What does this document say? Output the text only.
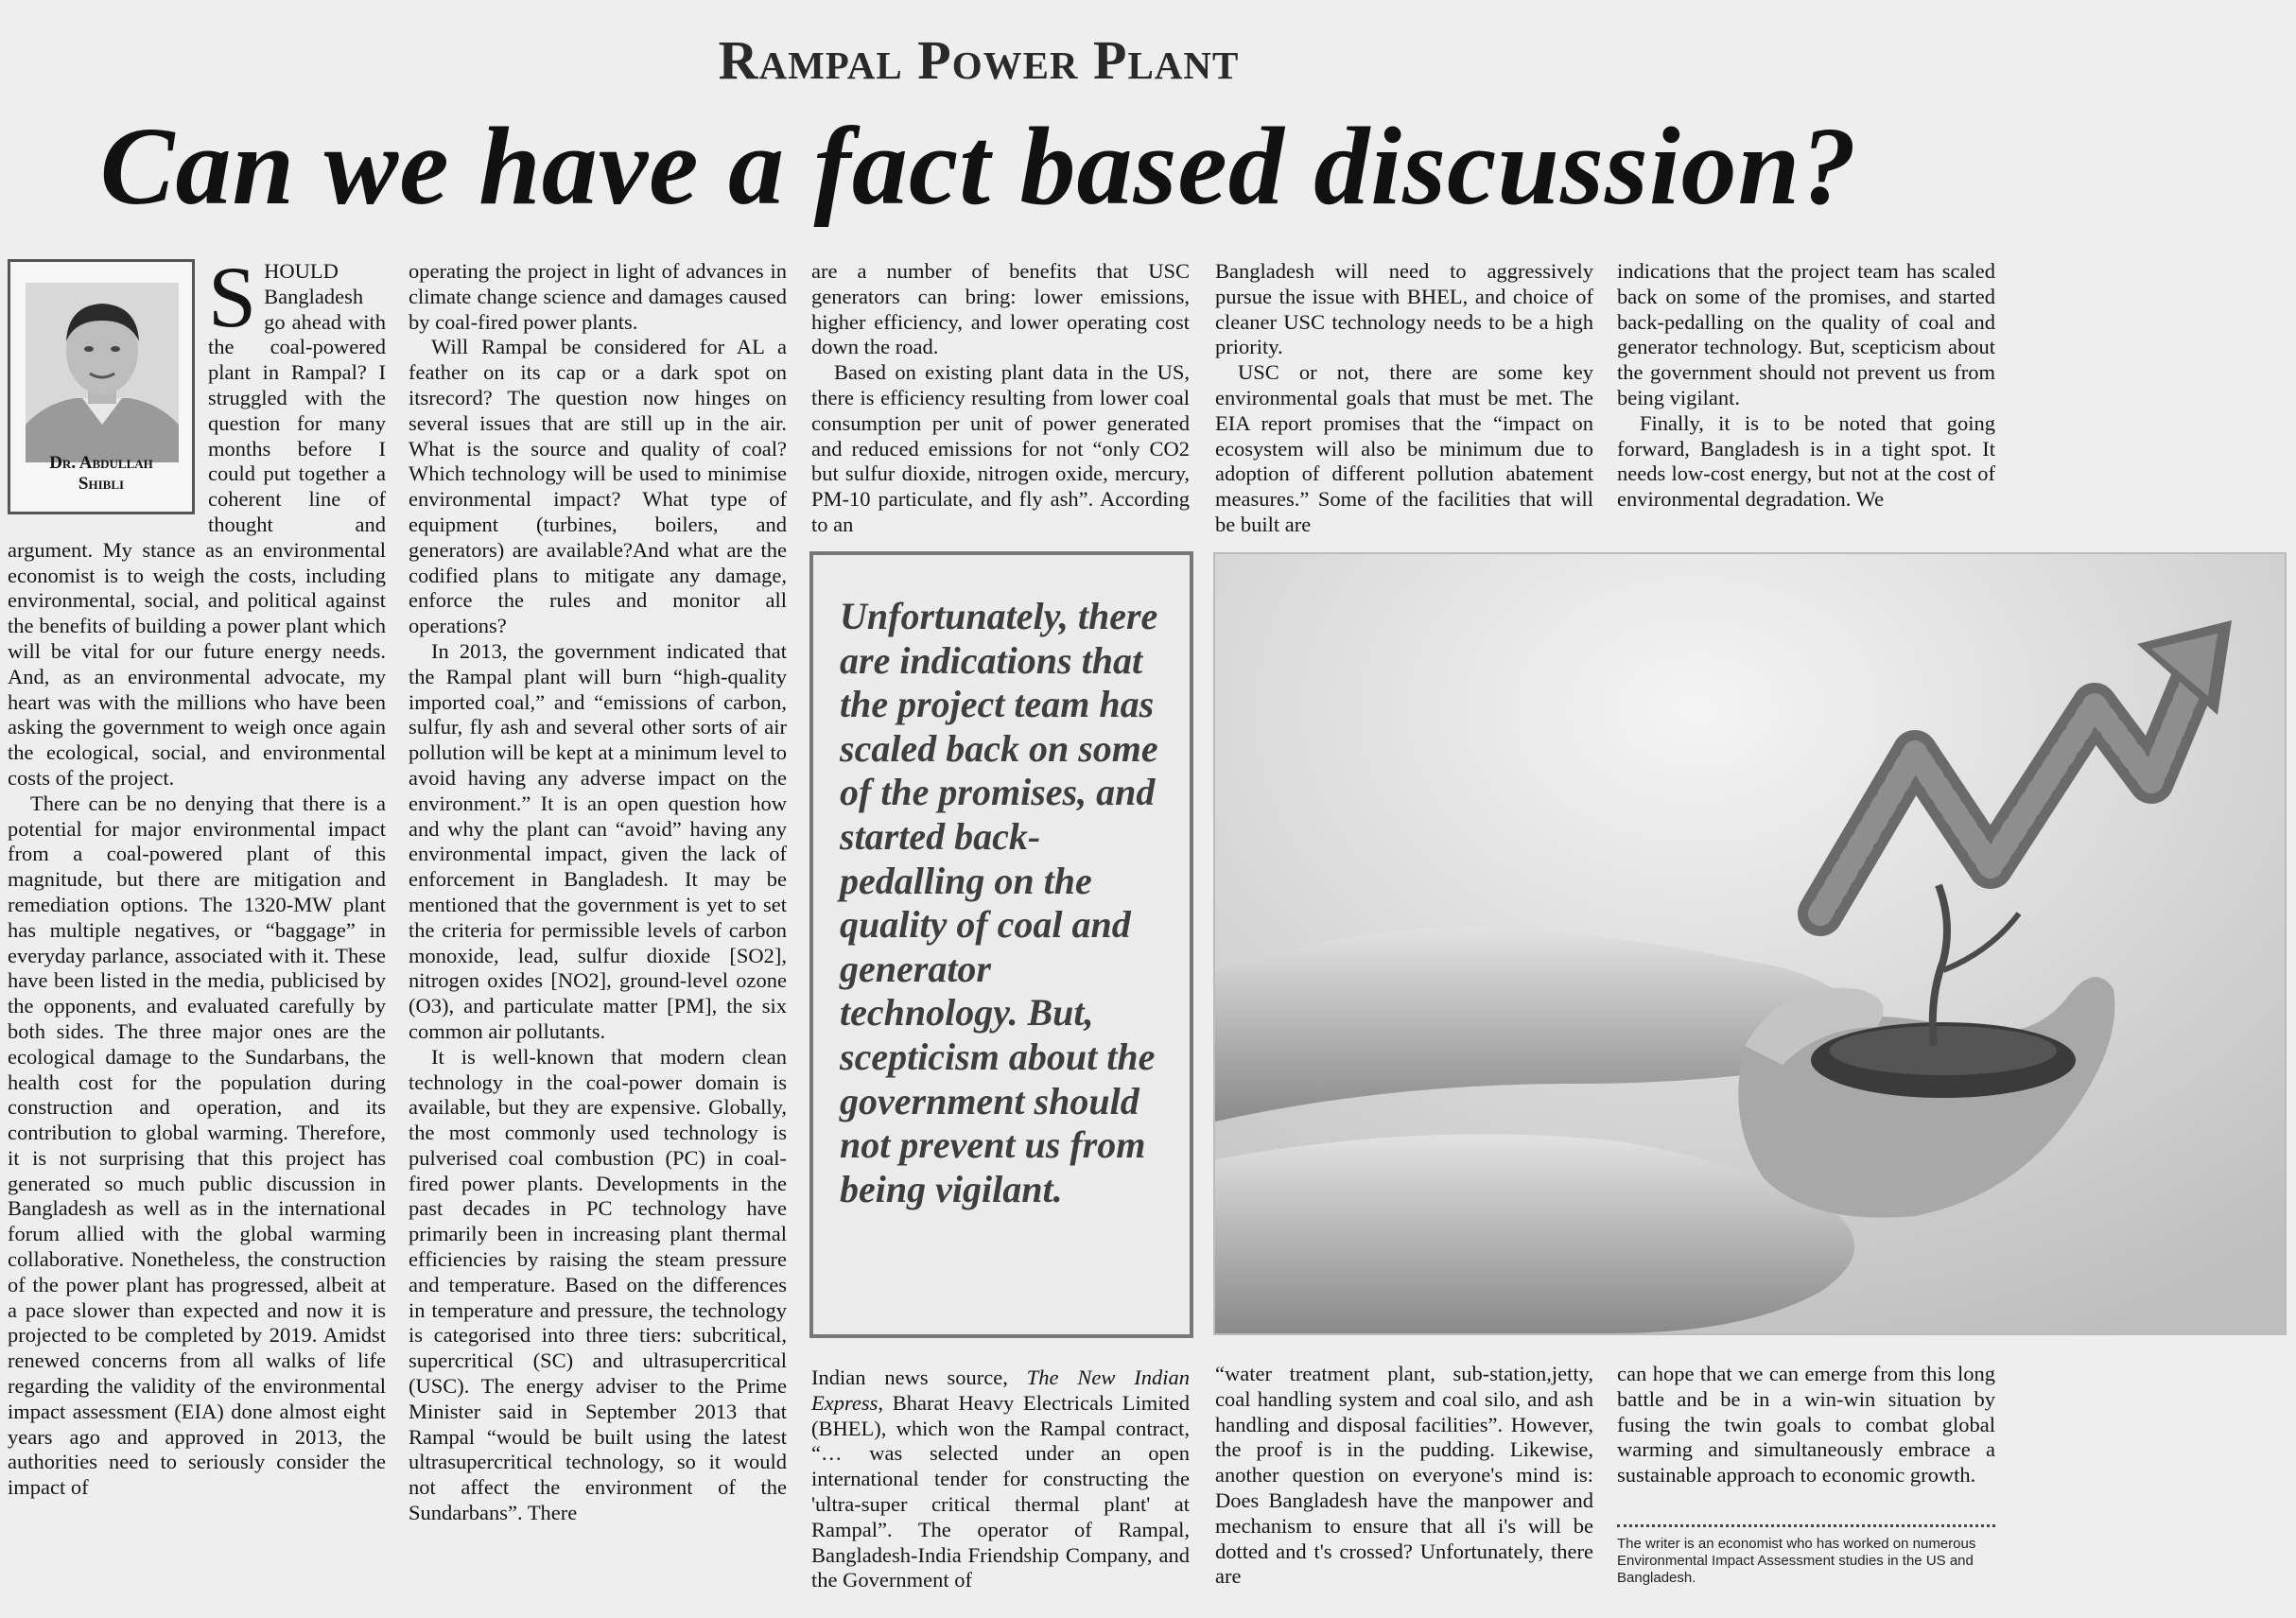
Rampal Power Plant
Can we have a fact based discussion?
Dr. Abdullah
Shibli
S HOULD Bangladesh go ahead with the coal-powered plant in Rampal? I struggled with the question for many months before I could put together a coherent line of thought and argument. My stance as an environmental economist is to weigh the costs, including environmental, social, and political against the benefits of building a power plant which will be vital for our future energy needs. And, as an environmental advocate, my heart was with the millions who have been asking the government to weigh once again the ecological, social, and environmental costs of the project.

There can be no denying that there is a potential for major environmental impact from a coal-powered plant of this magnitude, but there are mitigation and remediation options. The 1320-MW plant has multiple negatives, or “baggage” in everyday parlance, associated with it. These have been listed in the media, publicised by the opponents, and evaluated carefully by both sides. The three major ones are the ecological damage to the Sundarbans, the health cost for the population during construction and operation, and its contribution to global warming. Therefore, it is not surprising that this project has generated so much public discussion in Bangladesh as well as in the international forum allied with the global warming collaborative. Nonetheless, the construction of the power plant has progressed, albeit at a pace slower than expected and now it is projected to be completed by 2019. Amidst renewed concerns from all walks of life regarding the validity of the environmental impact assessment (EIA) done almost eight years ago and approved in 2013, the authorities need to seriously consider the impact of

operating the project in light of advances in climate change science and damages caused by coal-fired power plants.

Will Rampal be considered for AL a feather on its cap or a dark spot on itsrecord? The question now hinges on several issues that are still up in the air. What is the source and quality of coal? Which technology will be used to minimise environmental impact? What type of equipment (turbines, boilers, and generators) are available?And what are the codified plans to mitigate any damage, enforce the rules and monitor all operations?

In 2013, the government indicated that the Rampal plant will burn “high-quality imported coal,” and “emissions of carbon, sulfur, fly ash and several other sorts of air pollution will be kept at a minimum level to avoid having any adverse impact on the environment.” It is an open question how and why the plant can “avoid” having any environmental impact, given the lack of enforcement in Bangladesh. It may be mentioned that the government is yet to set the criteria for permissible levels of carbon monoxide, lead, sulfur dioxide [SO2], nitrogen oxides [NO2], ground-level ozone (O3), and particulate matter [PM], the six common air pollutants.

It is well-known that modern clean technology in the coal-power domain is available, but they are expensive. Globally, the most commonly used technology is pulverised coal combustion (PC) in coal-fired power plants. Developments in the past decades in PC technology have primarily been in increasing plant thermal efficiencies by raising the steam pressure and temperature. Based on the differences in temperature and pressure, the technology is categorised into three tiers: subcritical, supercritical (SC) and ultrasupercritical (USC). The energy adviser to the Prime Minister said in September 2013 that Rampal “would be built using the latest ultrasupercritical technology, so it would not affect the environment of the Sundarbans”. There

are a number of benefits that USC generators can bring: lower emissions, higher efficiency, and lower operating cost down the road.

Based on existing plant data in the US, there is efficiency resulting from lower coal consumption per unit of power generated and reduced emissions for not “only CO2 but sulfur dioxide, nitrogen oxide, mercury, PM-10 particulate, and fly ash”. According to an

Unfortunately, there are indications that the project team has scaled back on some of the promises, and started back-pedalling on the quality of coal and generator technology. But, scepticism about the government should not prevent us from being vigilant.

Indian news source, The New Indian Express, Bharat Heavy Electricals Limited (BHEL), which won the Rampal contract, “… was selected under an open international tender for constructing the 'ultra-super critical thermal plant' at Rampal”. The operator of Rampal, Bangladesh-India Friendship Company, and the Government of

Bangladesh will need to aggressively pursue the issue with BHEL, and choice of cleaner USC technology needs to be a high priority.

USC or not, there are some key environmental goals that must be met. The EIA report promises that the “impact on ecosystem will also be minimum due to adoption of different pollution abatement measures.” Some of the facilities that will be built are

“water treatment plant, sub-station,jetty, coal handling system and coal silo, and ash handling and disposal facilities”. However, the proof is in the pudding. Likewise, another question on everyone's mind is: Does Bangladesh have the manpower and mechanism to ensure that all i's will be dotted and t's crossed? Unfortunately, there are

indications that the project team has scaled back on some of the promises, and started back-pedalling on the quality of coal and generator technology. But, scepticism about the government should not prevent us from being vigilant.

Finally, it is to be noted that going forward, Bangladesh is in a tight spot. It needs low-cost energy, but not at the cost of environmental degradation. We

can hope that we can emerge from this long battle and be in a win-win situation by fusing the twin goals to combat global warming and simultaneously embrace a sustainable approach to economic growth.

The writer is an economist who has worked on numerous Environmental Impact Assessment studies in the US and Bangladesh.
